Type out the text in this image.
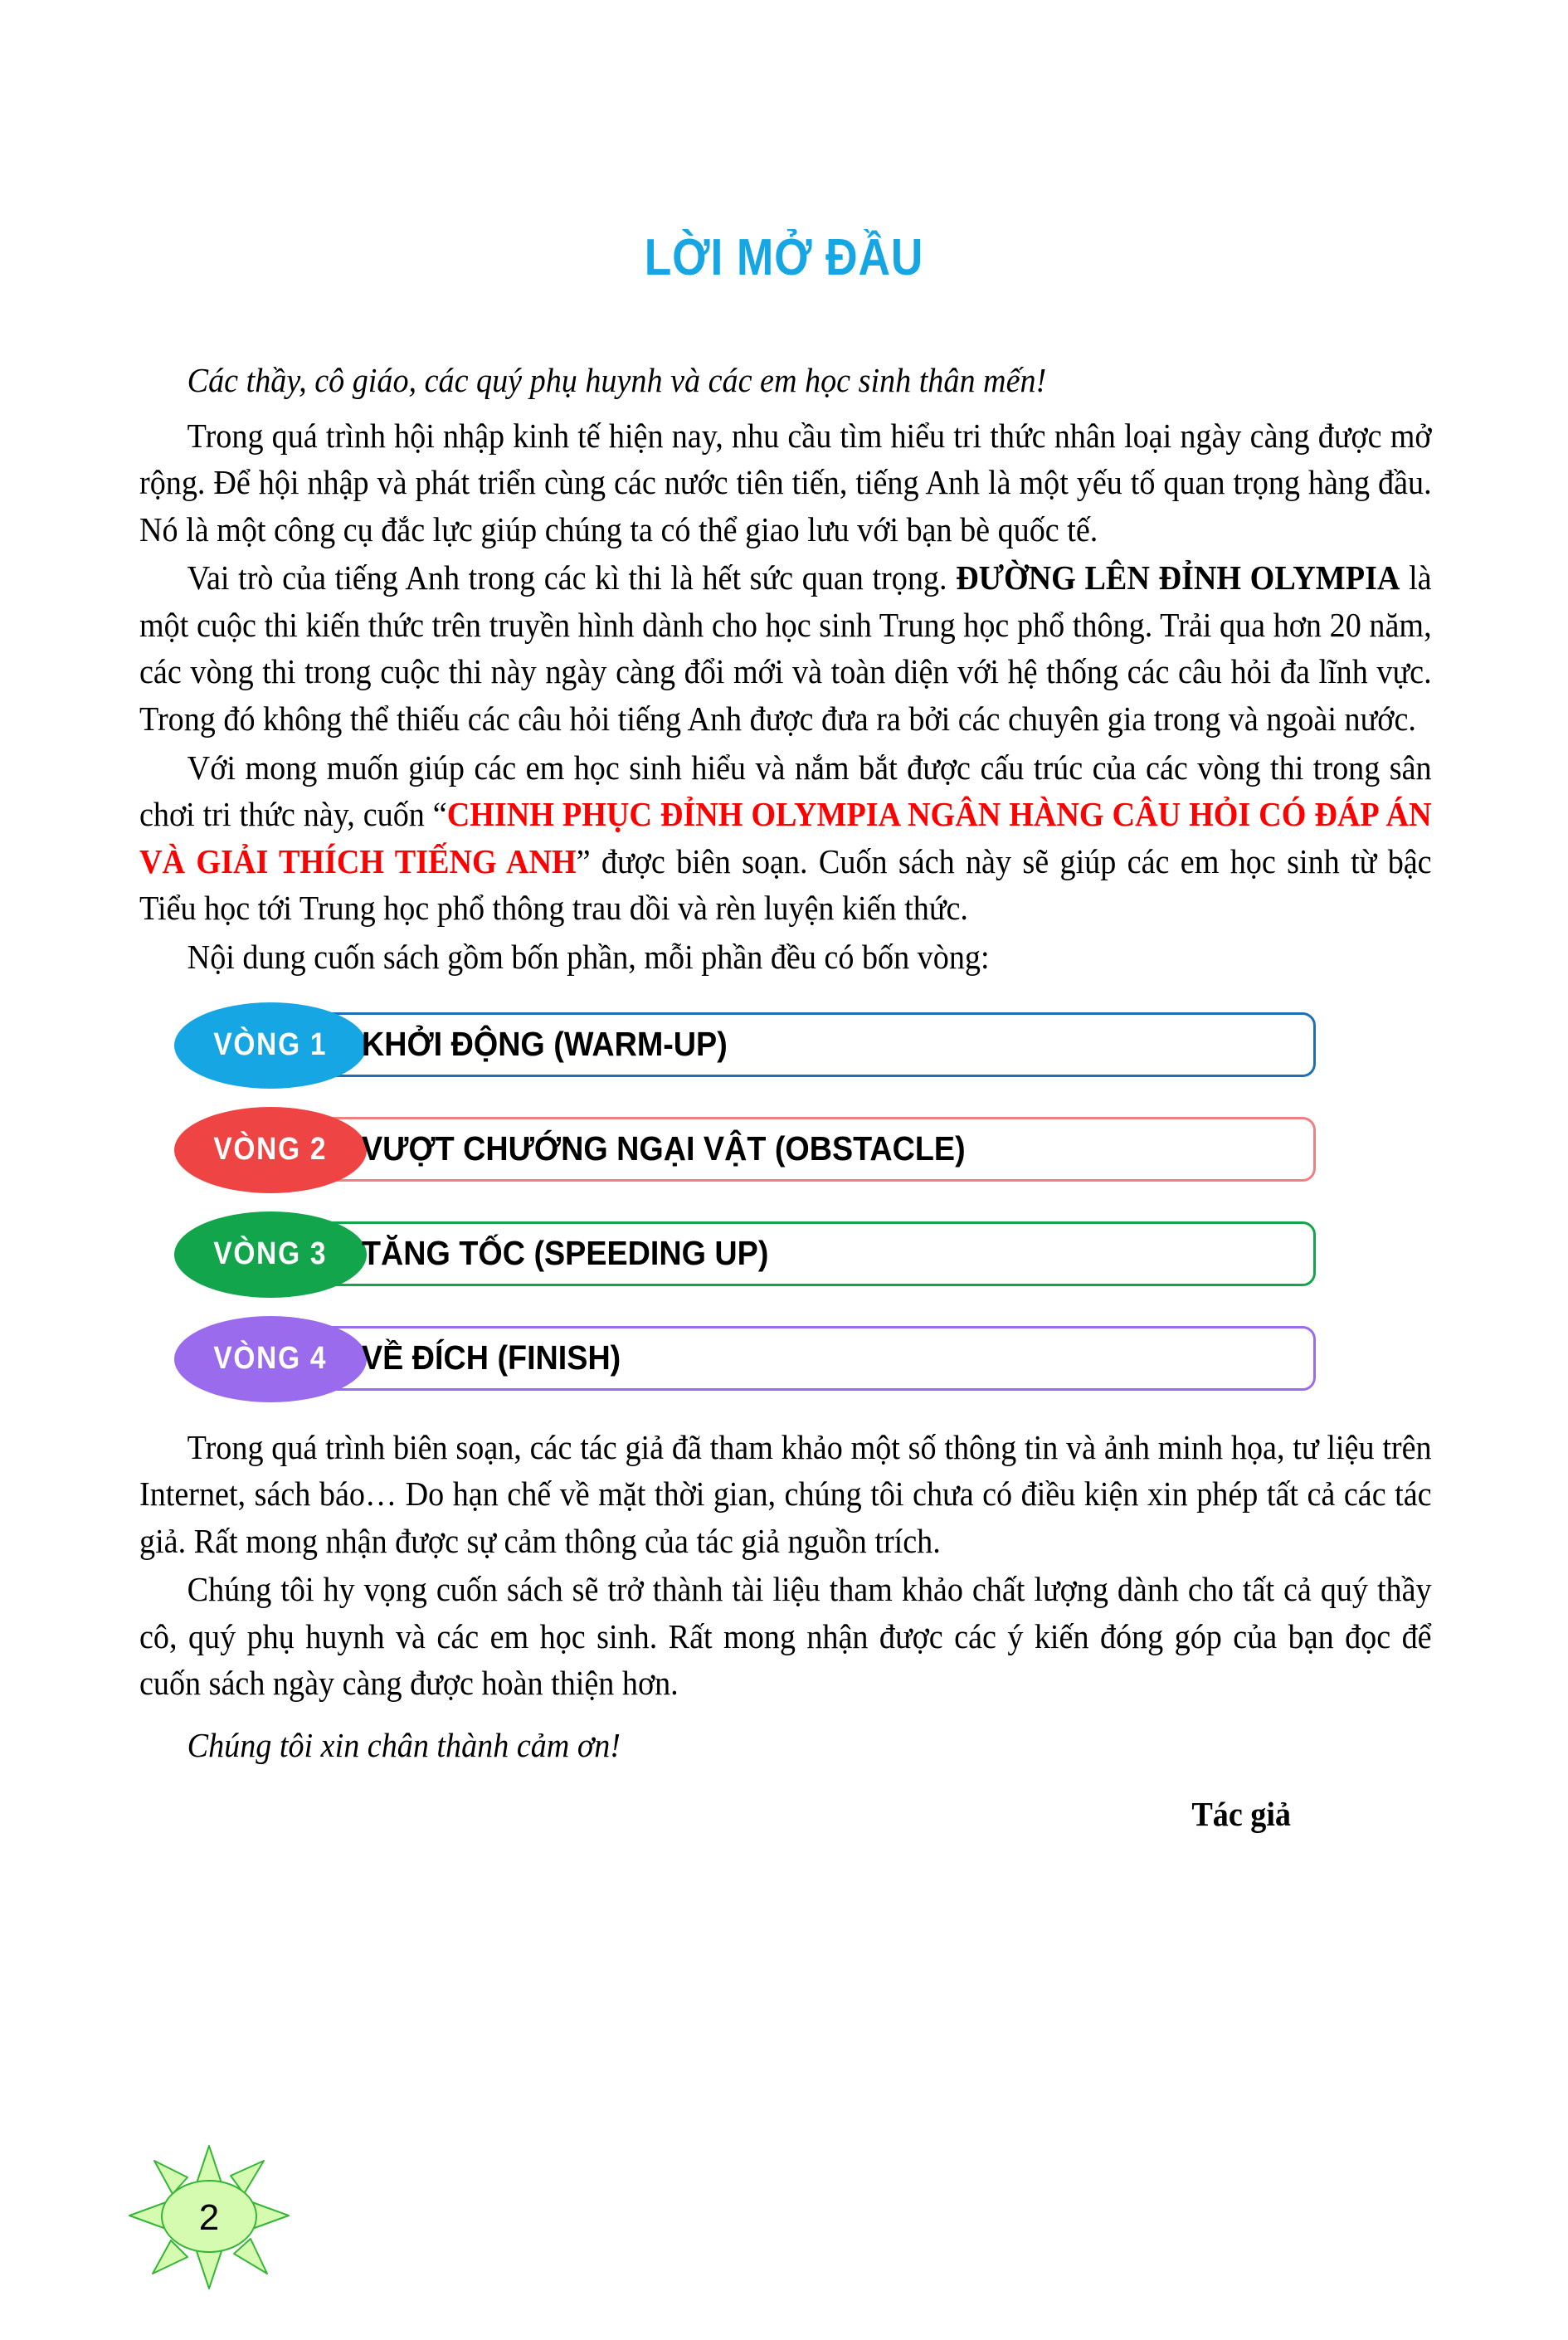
LỜI MỞ ĐẦU

Các thầy, cô giáo, các quý phụ huynh và các em học sinh thân mến!

Trong quá trình hội nhập kinh tế hiện nay, nhu cầu tìm hiểu tri thức nhân loại ngày càng được mở rộng. Để hội nhập và phát triển cùng các nước tiên tiến, tiếng Anh là một yếu tố quan trọng hàng đầu. Nó là một công cụ đắc lực giúp chúng ta có thể giao lưu với bạn bè quốc tế.

Vai trò của tiếng Anh trong các kì thi là hết sức quan trọng. ĐƯỜNG LÊN ĐỈNH OLYMPIA là một cuộc thi kiến thức trên truyền hình dành cho học sinh Trung học phổ thông. Trải qua hơn 20 năm, các vòng thi trong cuộc thi này ngày càng đổi mới và toàn diện với hệ thống các câu hỏi đa lĩnh vực. Trong đó không thể thiếu các câu hỏi tiếng Anh được đưa ra bởi các chuyên gia trong và ngoài nước.

Với mong muốn giúp các em học sinh hiểu và nắm bắt được cấu trúc của các vòng thi trong sân chơi tri thức này, cuốn “CHINH PHỤC ĐỈNH OLYMPIA NGÂN HÀNG CÂU HỎI CÓ ĐÁP ÁN VÀ GIẢI THÍCH TIẾNG ANH” được biên soạn. Cuốn sách này sẽ giúp các em học sinh từ bậc Tiểu học tới Trung học phổ thông trau dồi và rèn luyện kiến thức.

Nội dung cuốn sách gồm bốn phần, mỗi phần đều có bốn vòng:

VÒNG 1 KHỞI ĐỘNG (WARM-UP)
VÒNG 2 VƯỢT CHƯỚNG NGẠI VẬT (OBSTACLE)
VÒNG 3 TĂNG TỐC (SPEEDING UP)
VÒNG 4 VỀ ĐÍCH (FINISH)

Trong quá trình biên soạn, các tác giả đã tham khảo một số thông tin và ảnh minh họa, tư liệu trên Internet, sách báo… Do hạn chế về mặt thời gian, chúng tôi chưa có điều kiện xin phép tất cả các tác giả. Rất mong nhận được sự cảm thông của tác giả nguồn trích.

Chúng tôi hy vọng cuốn sách sẽ trở thành tài liệu tham khảo chất lượng dành cho tất cả quý thầy cô, quý phụ huynh và các em học sinh. Rất mong nhận được các ý kiến đóng góp của bạn đọc để cuốn sách ngày càng được hoàn thiện hơn.

Chúng tôi xin chân thành cảm ơn!

Tác giả

2
